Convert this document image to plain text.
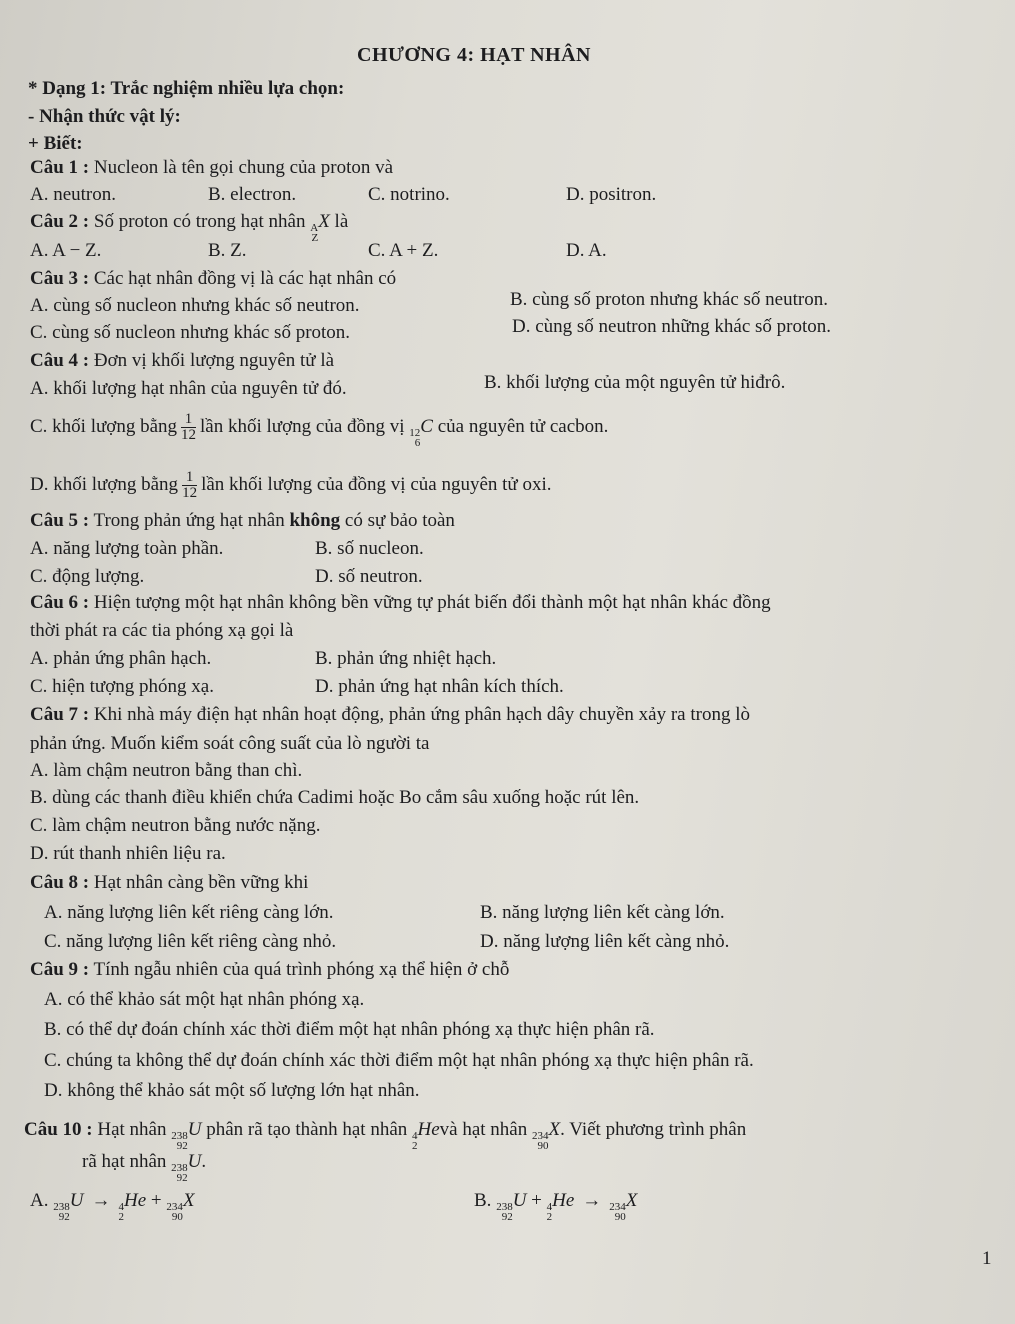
CHƯƠNG 4: HẠT NHÂN
* Dạng 1: Trắc nghiệm nhiều lựa chọn:
- Nhận thức vật lý:
+ Biết:
Câu 1 : Nucleon là tên gọi chung của proton và
A. neutron.	B. electron.	C. notrino.	D. positron.
Câu 2 : Số proton có trong hạt nhân A
Z
X là
A. A − Z.	B. Z.	C. A + Z.	D. A.
Câu 3 : Các hạt nhân đồng vị là các hạt nhân có
A. cùng số nucleon nhưng khác số neutron.	B. cùng số proton nhưng khác số neutron.
C. cùng số nucleon nhưng khác số proton.	D. cùng số neutron những khác số proton.
Câu 4 : Đơn vị khối lượng nguyên tử là
A. khối lượng hạt nhân của nguyên tử đó.	B. khối lượng của một nguyên tử hiđrô.
C. khối lượng bằng $\frac{1}{12}$ lần khối lượng của đồng vị 12
6
C của nguyên tử cacbon.
D. khối lượng bằng $\frac{1}{12}$ lần khối lượng của đồng vị của nguyên tử oxi.
Câu 5 : Trong phản ứng hạt nhân không có sự bảo toàn
A. năng lượng toàn phần.	B. số nucleon.
C. động lượng.	D. số neutron.
Câu 6 : Hiện tượng một hạt nhân không bền vững tự phát biến đổi thành một hạt nhân khác đồng
thời phát ra các tia phóng xạ gọi là
A. phản ứng phân hạch.	B. phản ứng nhiệt hạch.
C. hiện tượng phóng xạ.	D. phản ứng hạt nhân kích thích.
Câu 7 : Khi nhà máy điện hạt nhân hoạt động, phản ứng phân hạch dây chuyền xảy ra trong lò
phản ứng. Muốn kiểm soát công suất của lò người ta
A. làm chậm neutron bằng than chì.
B. dùng các thanh điều khiển chứa Cadimi hoặc Bo cắm sâu xuống hoặc rút lên.
C. làm chậm neutron bằng nước nặng.
D. rút thanh nhiên liệu ra.
Câu 8 : Hạt nhân càng bền vững khi
A. năng lượng liên kết riêng càng lớn.	B. năng lượng liên kết càng lớn.
C. năng lượng liên kết riêng càng nhỏ.	D. năng lượng liên kết càng nhỏ.
Câu 9 : Tính ngẫu nhiên của quá trình phóng xạ thể hiện ở chỗ
A. có thể khảo sát một hạt nhân phóng xạ.
B. có thể dự đoán chính xác thời điểm một hạt nhân phóng xạ thực hiện phân rã.
C. chúng ta không thể dự đoán chính xác thời điểm một hạt nhân phóng xạ thực hiện phân rã.
D. không thể khảo sát một số lượng lớn hạt nhân.
Câu 10 : Hạt nhân 238
92
U phân rã tạo thành hạt nhân 4
2
Hevà hạt nhân 234
90
X. Viết phương trình phân
rã hạt nhân 238
92
U.
A. 238
92
U → 4
2
He + 234
90
X	B. 238
92
U + 4
2
He → 234
90
X
1
